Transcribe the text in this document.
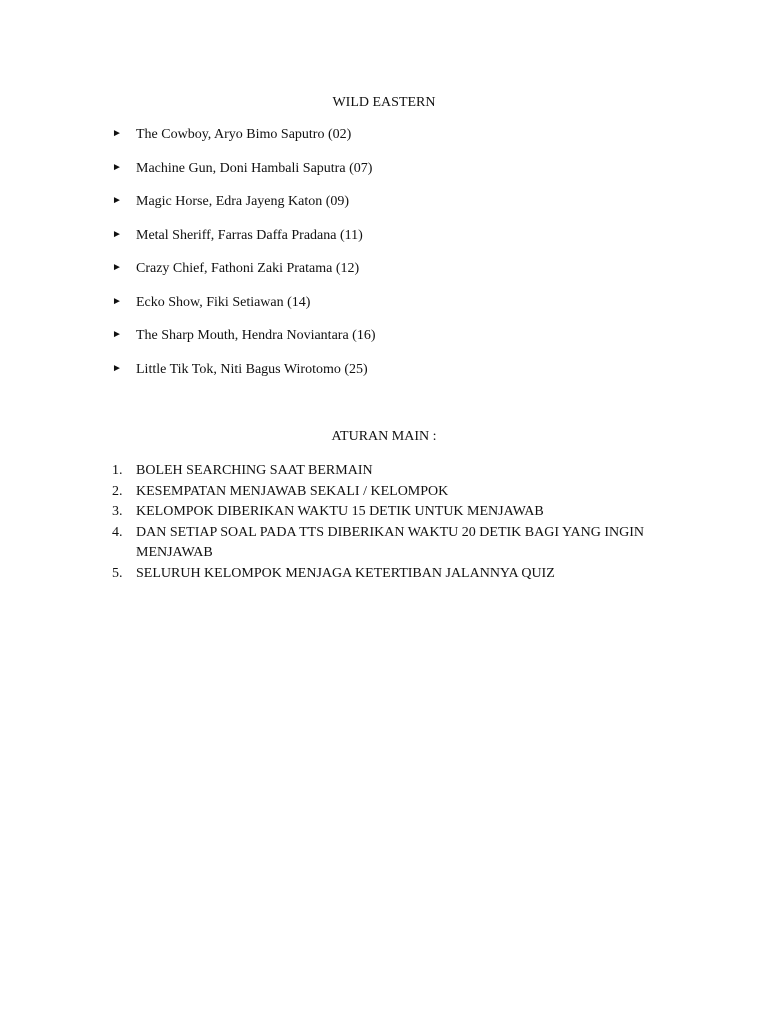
WILD EASTERN
►	The Cowboy, Aryo Bimo Saputro (02)
►	Machine Gun, Doni Hambali Saputra (07)
►	Magic Horse, Edra Jayeng Katon (09)
►	Metal Sheriff, Farras Daffa Pradana (11)
►	Crazy Chief, Fathoni Zaki Pratama (12)
►	Ecko Show, Fiki Setiawan (14)
►	The Sharp Mouth, Hendra Noviantara (16)
►	Little Tik Tok, Niti Bagus Wirotomo (25)
ATURAN MAIN :
1. BOLEH SEARCHING SAAT BERMAIN
2. KESEMPATAN MENJAWAB SEKALI / KELOMPOK
3. KELOMPOK DIBERIKAN WAKTU 15 DETIK UNTUK MENJAWAB
4. DAN SETIAP SOAL PADA TTS DIBERIKAN WAKTU 20 DETIK BAGI YANG INGIN MENJAWAB
5. SELURUH KELOMPOK MENJAGA KETERTIBAN JALANNYA QUIZ
